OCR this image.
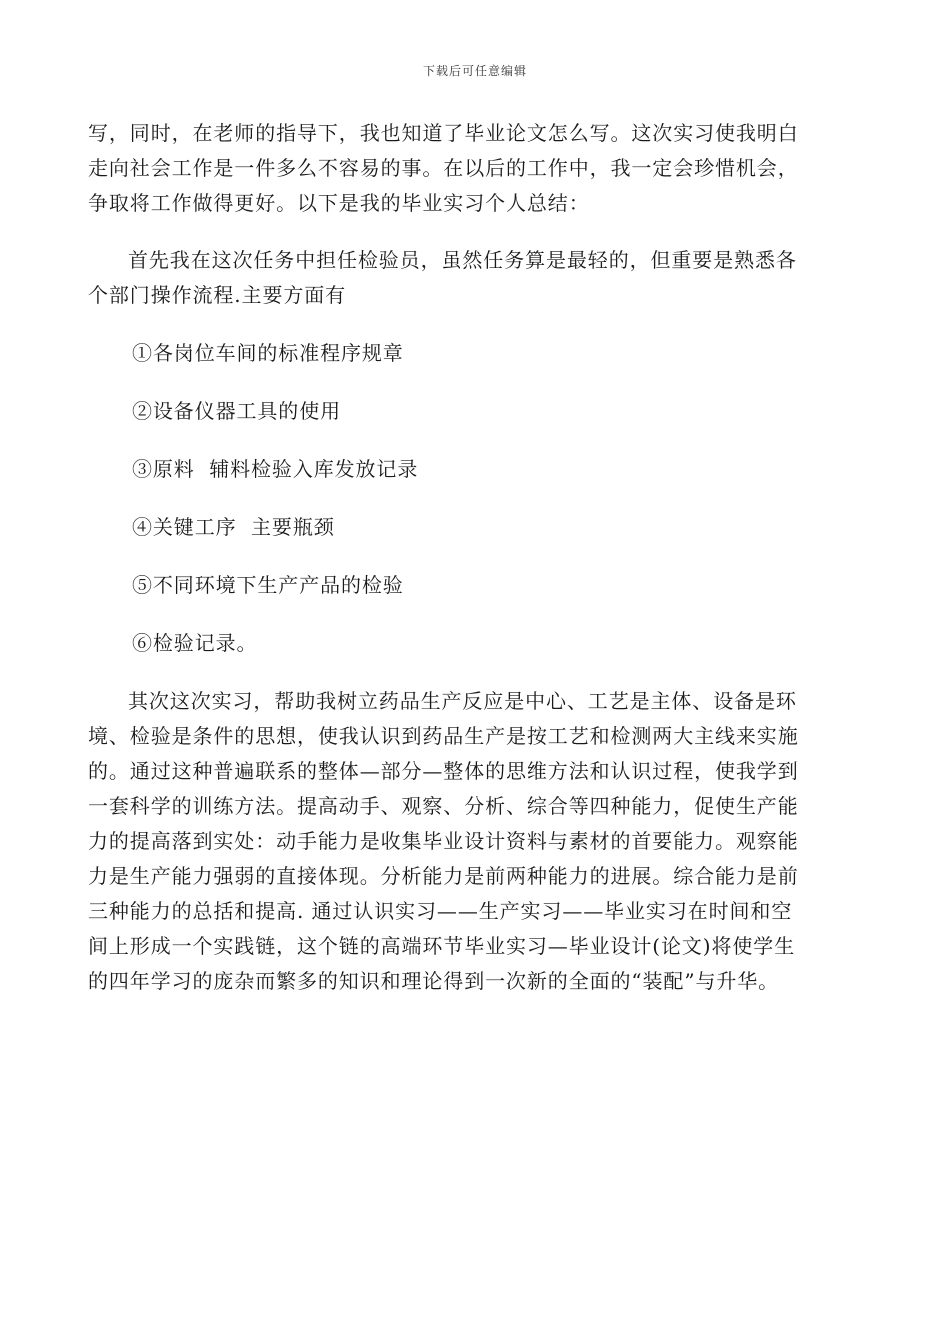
下载后可任意编辑

写，同时，在老师的指导下，我也知道了毕业论文怎么写。这次实习使我明白
走向社会工作是一件多么不容易的事。在以后的工作中，我一定会珍惜机会，
争取将工作做得更好。以下是我的毕业实习个人总结：

首先我在这次任务中担任检验员，虽然任务算是最轻的，但重要是熟悉各
个部门操作流程.主要方面有

①各岗位车间的标准程序规章

②设备仪器工具的使用

③原料  辅料检验入库发放记录

④关键工序  主要瓶颈

⑤不同环境下生产产品的检验

⑥检验记录。

其次这次实习，帮助我树立药品生产反应是中心、工艺是主体、设备是环
境、检验是条件的思想，使我认识到药品生产是按工艺和检测两大主线来实施
的。通过这种普遍联系的整体—部分—整体的思维方法和认识过程，使我学到
一套科学的训练方法。提高动手、观察、分析、综合等四种能力，促使生产能
力的提高落到实处：动手能力是收集毕业设计资料与素材的首要能力。观察能
力是生产能力强弱的直接体现。分析能力是前两种能力的进展。综合能力是前
三种能力的总括和提高. 通过认识实习——生产实习——毕业实习在时间和空
间上形成一个实践链，这个链的高端环节毕业实习—毕业设计(论文)将使学生
的四年学习的庞杂而繁多的知识和理论得到一次新的全面的“装配”与升华。
